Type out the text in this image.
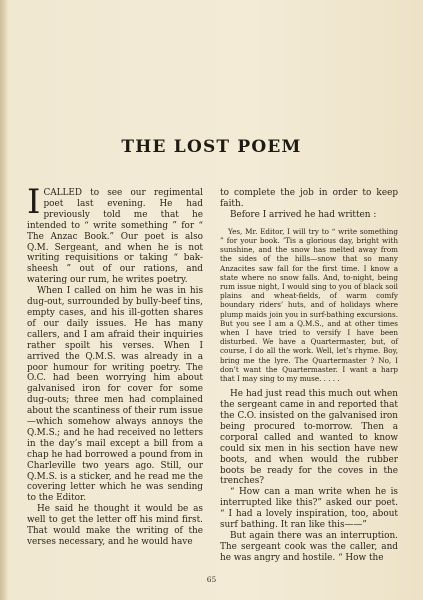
THE LOST POEM

ICALLED to see our regimental poet last evening. He had previously told me that he intended to “ write something ” for “ The Anzac Book.” Our poet is also Q.M. Sergeant, and when he is not writing requisitions or taking “ bak-sheesh ” out of our rations, and watering our rum, he writes poetry.

When I called on him he was in his dug-out, surrounded by bully-beef tins, empty cases, and his ill-gotten shares of our daily issues. He has many callers, and I am afraid their inquiries rather spoilt his verses. When I arrived the Q.M.S. was already in a poor humour for writing poetry. The O.C. had been worrying him about galvanised iron for cover for some dug-outs; three men had complained about the scantiness of their rum issue—which somehow always annoys the Q.M.S.; and he had received no letters in the day’s mail except a bill from a chap he had borrowed a pound from in Charleville two years ago. Still, our Q.M.S. is a sticker, and he read me the covering letter which he was sending to the Editor.

He said he thought it would be as well to get the letter off his mind first. That would make the writing of the verses necessary, and he would have

to complete the job in order to keep faith.

Before I arrived he had written :

Yes, Mr. Editor, I will try to “ write something ” for your book. ’Tis a glorious day, bright with sunshine, and the snow has melted away from the sides of the hills—snow that so many Anzacites saw fall for the first time. I know a state where no snow falls. And, to-night, being rum issue night, I would sing to you of black soil plains and wheat-fields, of warm comfy boundary riders’ huts, and of holidays where plump maids join you in surf-bathing excursions. But you see I am a Q.M.S., and at other times when I have tried to versify I have been disturbed. We have a Quartermaster, but, of course, I do all the work. Well, let’s rhyme. Boy, bring me the lyre. The Quartermaster ? No, I don’t want the Quartermaster. I want a harp that I may sing to my muse. . . . .

He had just read this much out when the sergeant came in and reported that the C.O. insisted on the galvanised iron being procured to-morrow. Then a corporal called and wanted to know could six men in his section have new boots, and when would the rubber boots be ready for the coves in the trenches?

“ How can a man write when he is interrupted like this?” asked our poet. “ I had a lovely inspiration, too, about surf bathing. It ran like this——”

But again there was an interruption. The sergeant cook was the caller, and he was angry and hostile. “ How the

65
